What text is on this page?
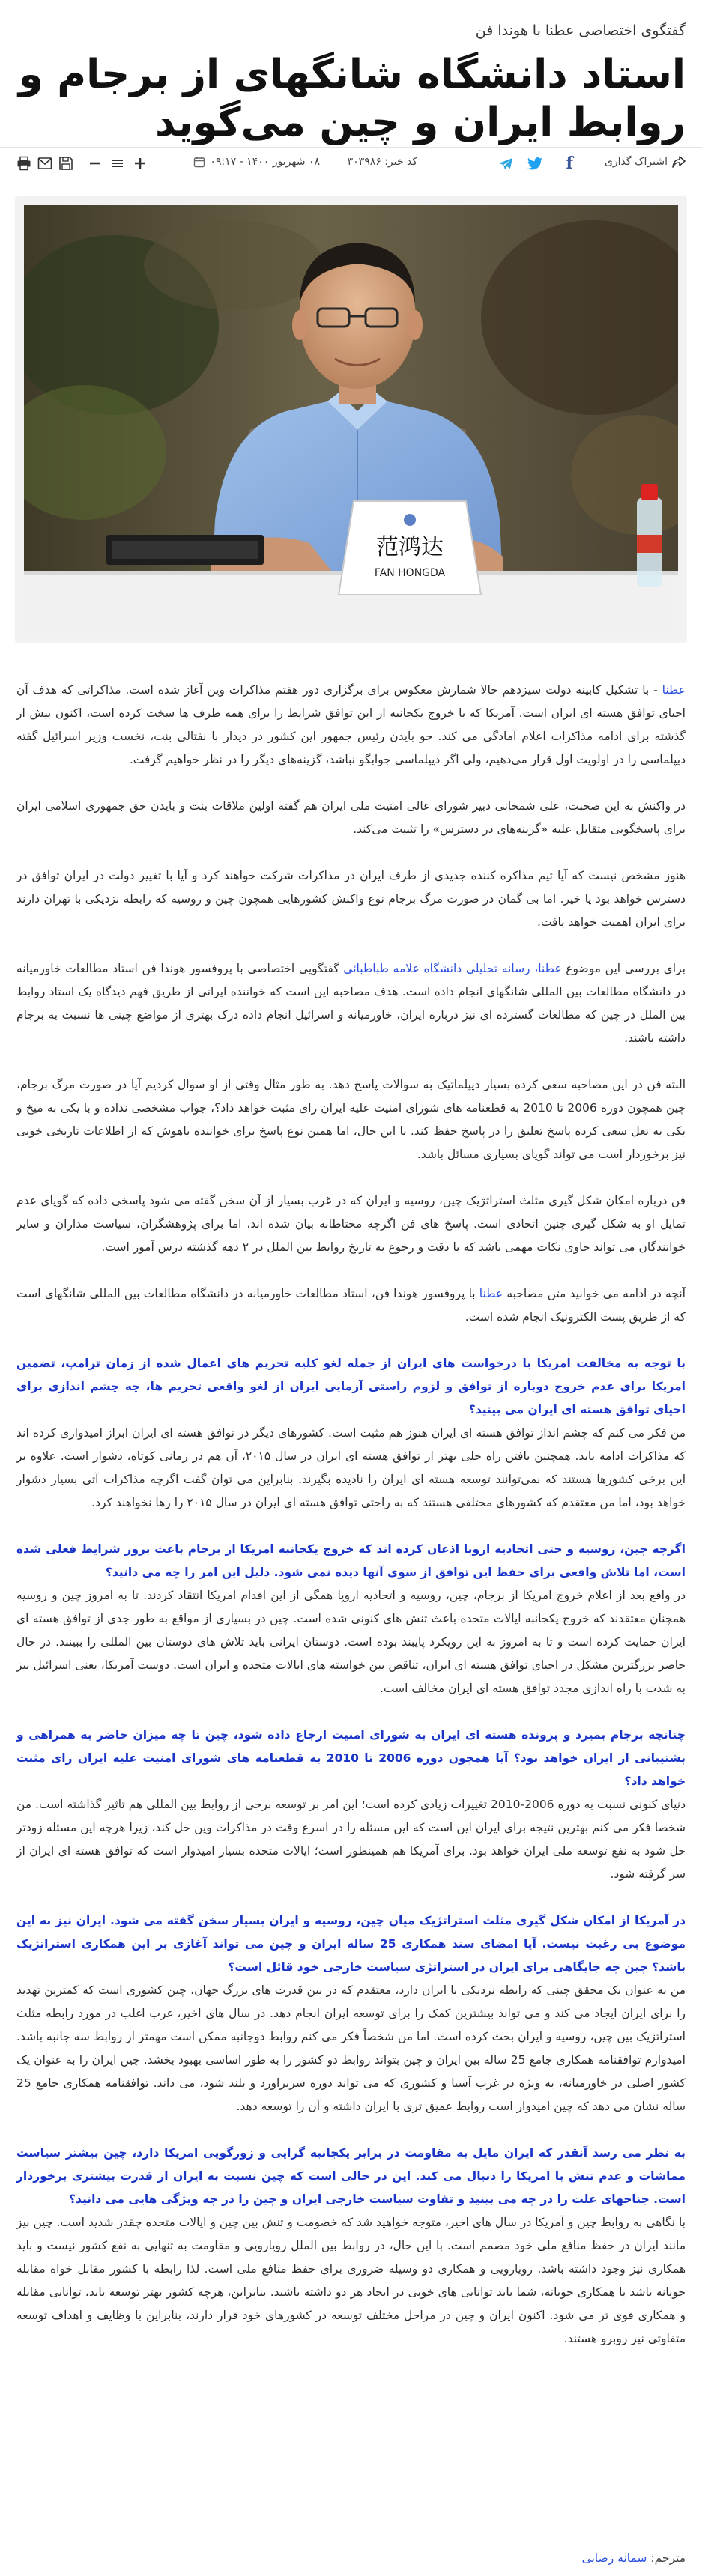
گفتگوی اختصاصی عطنا با هوندا فن
استاد دانشگاه شانگهای از برجام و روابط ایران و چین می‌گوید
اشتراک گذاری
f
کد خبر: ۳۰۳۹۸۶
۰۸ شهریور ۱۴۰۰ - ۰۹:۱۷
范鸿达
FAN HONGDA

عطنا - با تشکیل کابینه دولت سیزدهم حالا شمارش معکوس برای برگزاری دور هفتم مذاکرات وین آغاز شده است. مذاکراتی که هدف آن احیای توافق هسته ای ایران است. آمریکا که با خروج یکجانبه از این توافق شرایط را برای همه طرف ها سخت کرده است، اکنون بیش از گذشته برای ادامه مذاکرات اعلام آمادگی می کند. جو بایدن رئیس جمهور این کشور در دیدار با نفتالی بنت، نخست وزیر اسرائیل گفته دیپلماسی را در اولویت اول قرار می‌دهیم، ولی اگر دیپلماسی جوابگو نباشد، گزینه‌های دیگر را در نظر خواهیم گرفت.

در واکنش به این صحبت، علی شمخانی دبیر شورای عالی امنیت ملی ایران هم گفته اولین ملاقات بنت و بایدن حق جمهوری اسلامی ایران برای پاسخگویی متقابل علیه «گزینه‌های در دسترس» را تثبیت می‌کند.

هنوز مشخص نیست که آیا تیم مذاکره کننده جدیدی از طرف ایران در مذاکرات شرکت خواهند کرد و آیا با تغییر دولت در ایران توافق در دسترس خواهد بود یا خیر. اما بی گمان در صورت مرگ برجام نوع واکنش کشورهایی همچون چین و روسیه که رابطه نزدیکی با تهران دارند برای ایران اهمیت خواهد یافت.

برای بررسی این موضوع عطنا، رسانه تحلیلی دانشگاه علامه طباطبائی گفتگویی اختصاصی با پروفسور هوندا فن استاد مطالعات خاورمیانه در دانشگاه مطالعات بین المللی شانگهای انجام داده است. هدف مصاحبه این است که خواننده ایرانی از طریق فهم دیدگاه یک استاد روابط بین الملل در چین که مطالعات گسترده ای نیز درباره ایران، خاورمیانه و اسرائیل انجام داده درک بهتری از مواضع چینی ها نسبت به برجام داشته باشند.

البته فن در این مصاحبه سعی کرده بسیار دیپلماتیک به سوالات پاسخ دهد. به طور مثال وقتی از او سوال کردیم آیا در صورت مرگ برجام، چین همچون دوره 2006 تا 2010 به قطعنامه های شورای امنیت علیه ایران رای مثبت خواهد داد؟، جواب مشخصی نداده و با یکی به میخ و یکی به نعل سعی کرده پاسخ تعلیق را در پاسخ حفظ کند. با این حال، اما همین نوع پاسخ برای خواننده باهوش که از اطلاعات تاریخی خوبی نیز برخوردار است می تواند گویای بسیاری مسائل باشد.

فن درباره امکان شکل گیری مثلث استراتژیک چین، روسیه و ایران که در غرب بسیار از آن سخن گفته می شود پاسخی داده که گویای عدم تمایل او به شکل گیری چنین اتحادی است. پاسخ های فن اگرچه محتاطانه بیان شده اند، اما برای پژوهشگران، سیاست مداران و سایر خوانندگان می تواند حاوی نکات مهمی باشد که با دقت و رجوع به تاریخ روابط بین الملل در ۲ دهه گذشته درس آموز است.

آنچه در ادامه می خوانید متن مصاحبه عطنا با پروفسور هوندا فن، استاد مطالعات خاورمیانه در دانشگاه مطالعات بین المللی شانگهای است که از طریق پست الکترونیک انجام شده است.

با توجه به مخالفت امریکا با درخواست های ایران از جمله لغو کلیه تحریم های اعمال شده از زمان ترامپ، تضمین امریکا برای عدم خروج دوباره از توافق و لزوم راستی آزمایی ایران از لغو واقعی تحریم ها، چه چشم اندازی برای احیای توافق هسته ای ایران می بینید؟

من فکر می کنم که چشم انداز توافق هسته ای ایران هنوز هم مثبت است. کشورهای دیگر در توافق هسته ای ایران ابراز امیدواری کرده اند که مذاکرات ادامه یابد. همچنین یافتن راه حلی بهتر از توافق هسته ای ایران در سال ۲۰۱۵، آن هم در زمانی کوتاه، دشوار است. علاوه بر این برخی کشورها هستند که نمی‌توانند توسعه هسته ای ایران را نادیده بگیرند. بنابراین می توان گفت اگرچه مذاکرات آتی بسیار دشوار خواهد بود، اما من معتقدم که کشورهای مختلفی هستند که به راحتی توافق هسته ای ایران در سال ۲۰۱۵ را رها نخواهند کرد.

اگرچه چین، روسیه و حتی اتحادیه اروپا اذعان کرده اند که خروج یکجانبه امریکا از برجام باعث بروز شرایط فعلی شده است، اما تلاش واقعی برای حفظ این توافق از سوی آنها دیده نمی شود. دلیل این امر را چه می دانید؟

در واقع بعد از اعلام خروج امریکا از برجام، چین، روسیه و اتحادیه اروپا همگی از این اقدام امریکا انتقاد کردند. تا به امروز چین و روسیه همچنان معتقدند که خروج یکجانبه ایالات متحده باعث تنش های کنونی شده است. چین در بسیاری از مواقع به طور جدی از توافق هسته ای ایران حمایت کرده است و تا به امروز به این رویکرد پایبند بوده است. دوستان ایرانی باید تلاش های دوستان بین المللی را ببینند. در حال حاضر بزرگترین مشکل در احیای توافق هسته ای ایران، تناقض بین خواسته های ایالات متحده و ایران است. دوست آمریکا، یعنی اسرائیل نیز به شدت با راه اندازی مجدد توافق هسته ای ایران مخالف است.

چنانچه برجام بمیرد و پرونده هسته ای ایران به شورای امنیت ارجاع داده شود، چین تا چه میزان حاضر به همراهی و پشتیبانی از ایران خواهد بود؟ آیا همچون دوره 2006 تا 2010 به قطعنامه های شورای امنیت علیه ایران رای مثبت خواهد داد؟

دنیای کنونی نسبت به دوره 2006-2010 تغییرات زیادی کرده است؛ این امر بر توسعه برخی از روابط بین المللی هم تاثیر گذاشته است. من شخصا فکر می کنم بهترین نتیجه برای ایران این است که این مسئله را در اسرع وقت در مذاکرات وین حل کند، زیرا هرچه این مسئله زودتر حل شود به نفع توسعه ملی ایران خواهد بود. برای آمریکا هم همینطور است؛ ایالات متحده بسیار امیدوار است که توافق هسته ای ایران از سر گرفته شود.

در آمریکا از امکان شکل گیری مثلث استراتژیک میان چین، روسیه و ایران بسیار سخن گفته می شود. ایران نیز به این موضوع بی رغبت نیست. آیا امضای سند همکاری 25 ساله ایران و چین می تواند آغازی بر این همکاری استراتژیک باشد؟ چین چه جایگاهی برای ایران در استراتژی سیاست خارجی خود قائل است؟

من به عنوان یک محقق چینی که رابطه نزدیکی با ایران دارد، معتقدم که در بین قدرت های بزرگ جهان، چین کشوری است که کمترین تهدید را برای ایران ایجاد می کند و می تواند بیشترین کمک را برای توسعه ایران انجام دهد. در سال های اخیر، غرب اغلب در مورد رابطه مثلث استراتژیک بین چین، روسیه و ایران بحث کرده است. اما من شخصاً فکر می کنم روابط دوجانبه ممکن است مهمتر از روابط سه جانبه باشد. امیدوارم توافقنامه همکاری جامع 25 ساله بین ایران و چین بتواند روابط دو کشور را به طور اساسی بهبود بخشد. چین ایران را به عنوان یک کشور اصلی در خاورمیانه، به ویژه در غرب آسیا و کشوری که می تواند دوره سربراورد و بلند شود، می داند. توافقنامه همکاری جامع 25 ساله نشان می دهد که چین امیدوار است روابط عمیق تری با ایران داشته و آن را توسعه دهد.

به نظر می رسد آنقدر که ایران مایل به مقاومت در برابر یکجانبه گرایی و زورگویی امریکا دارد، چین بیشتر سیاست مماشات و عدم تنش با امریکا را دنبال می کند. این در حالی است که چین نسبت به ایران از قدرت بیشتری برخوردار است. جناحهای علت را در چه می بینید و تفاوت سیاست خارجی ایران و چین را در چه ویژگی هایی می دانید؟

با نگاهی به روابط چین و آمریکا در سال های اخیر، متوجه خواهید شد که خصومت و تنش بین چین و ایالات متحده چقدر شدید است. چین نیز مانند ایران در حفظ منافع ملی خود مصمم است. با این حال، در روابط بین الملل رویارویی و مقاومت به تنهایی به نفع کشور نیست و باید همکاری نیز وجود داشته باشد. رویارویی و همکاری دو وسیله ضروری برای حفظ منافع ملی است. لذا رابطه با کشور مقابل خواه مقابله جویانه باشد یا همکاری جویانه، شما باید توانایی های خوبی در ایجاد هر دو داشته باشید. بنابراین، هرچه کشور بهتر توسعه یابد، توانایی مقابله و همکاری قوی تر می شود. اکنون ایران و چین در مراحل مختلف توسعه در کشورهای خود قرار دارند، بنابراین با وظایف و اهداف توسعه متفاوتی نیز روبرو هستند.

مترجم: سمانه رضایی
